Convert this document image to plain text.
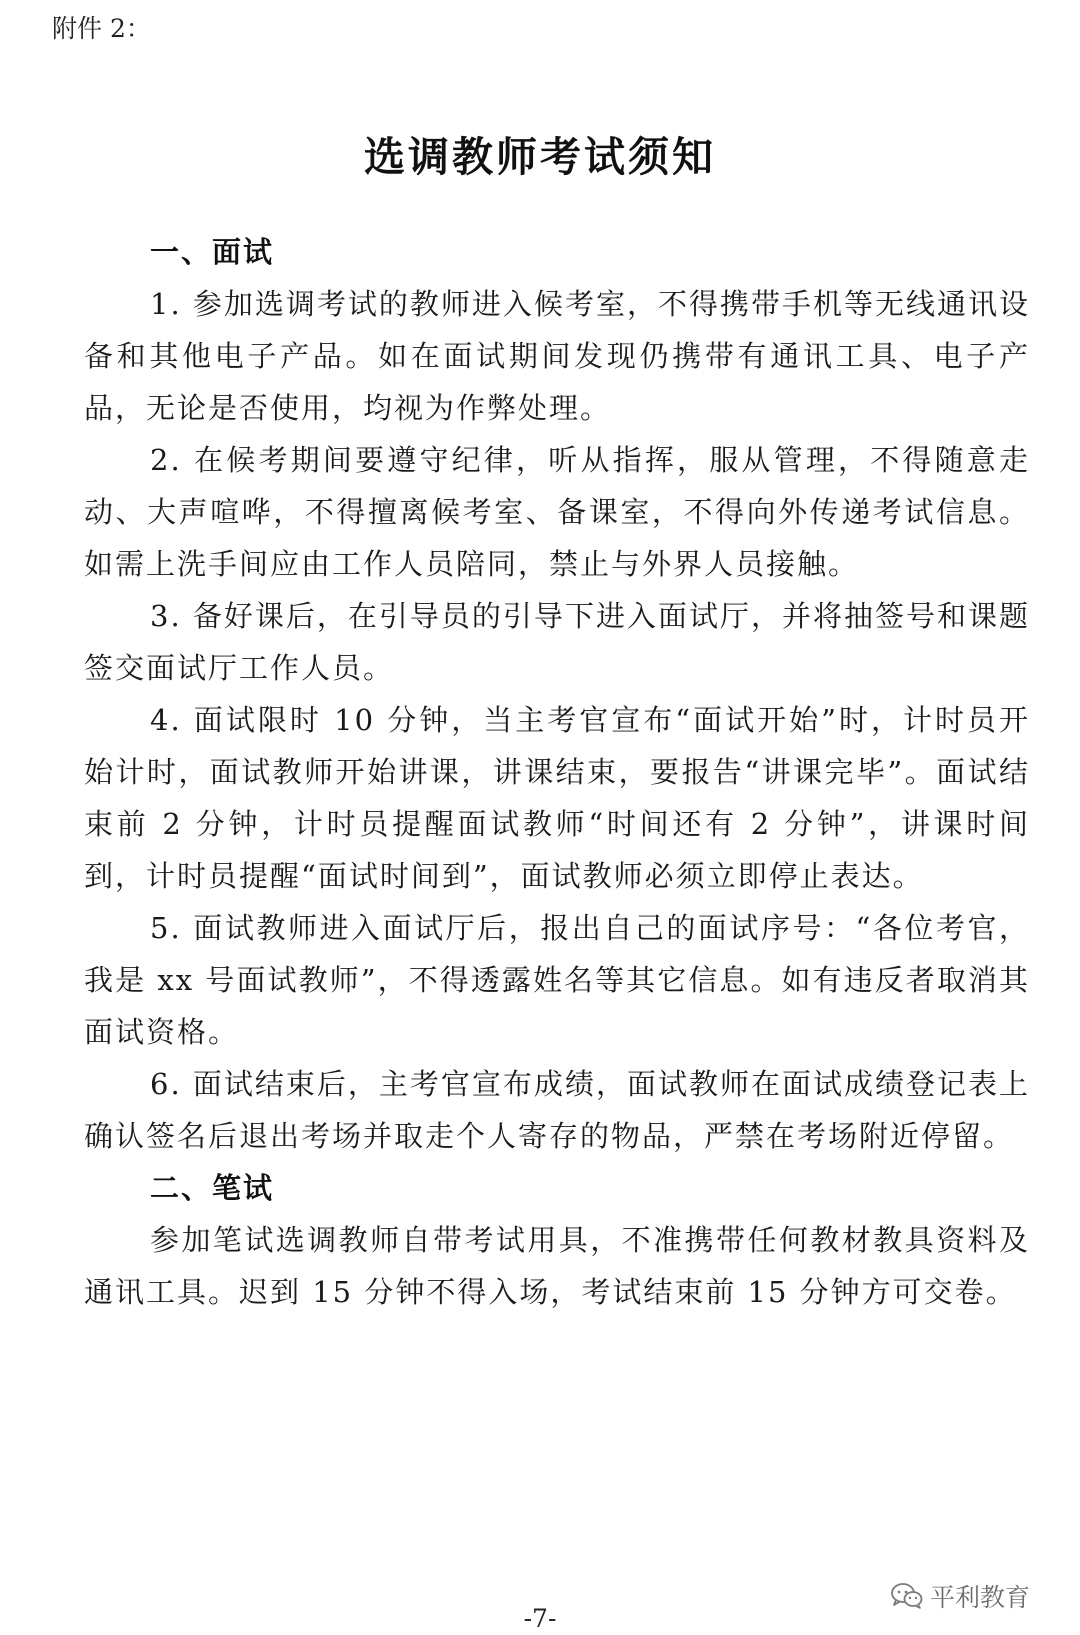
附件 2：
选调教师考试须知
一、面试

1. 参加选调考试的教师进入候考室，不得携带手机等无线通讯设备和其他电子产品。如在面试期间发现仍携带有通讯工具、电子产品，无论是否使用，均视为作弊处理。

2. 在候考期间要遵守纪律，听从指挥，服从管理，不得随意走动、大声喧哗，不得擅离候考室、备课室，不得向外传递考试信息。如需上洗手间应由工作人员陪同，禁止与外界人员接触。

3. 备好课后，在引导员的引导下进入面试厅，并将抽签号和课题签交面试厅工作人员。

4. 面试限时 10 分钟，当主考官宣布“面试开始”时，计时员开始计时，面试教师开始讲课，讲课结束，要报告“讲课完毕”。面试结束前 2 分钟，计时员提醒面试教师“时间还有 2 分钟”，讲课时间到，计时员提醒“面试时间到”，面试教师必须立即停止表达。

5. 面试教师进入面试厅后，报出自己的面试序号：“各位考官，我是 xx 号面试教师”，不得透露姓名等其它信息。如有违反者取消其面试资格。

6. 面试结束后，主考官宣布成绩，面试教师在面试成绩登记表上确认签名后退出考场并取走个人寄存的物品，严禁在考场附近停留。

二、笔试

参加笔试选调教师自带考试用具，不准携带任何教材教具资料及通讯工具。迟到 15 分钟不得入场，考试结束前 15 分钟方可交卷。

平利教育
-7-
